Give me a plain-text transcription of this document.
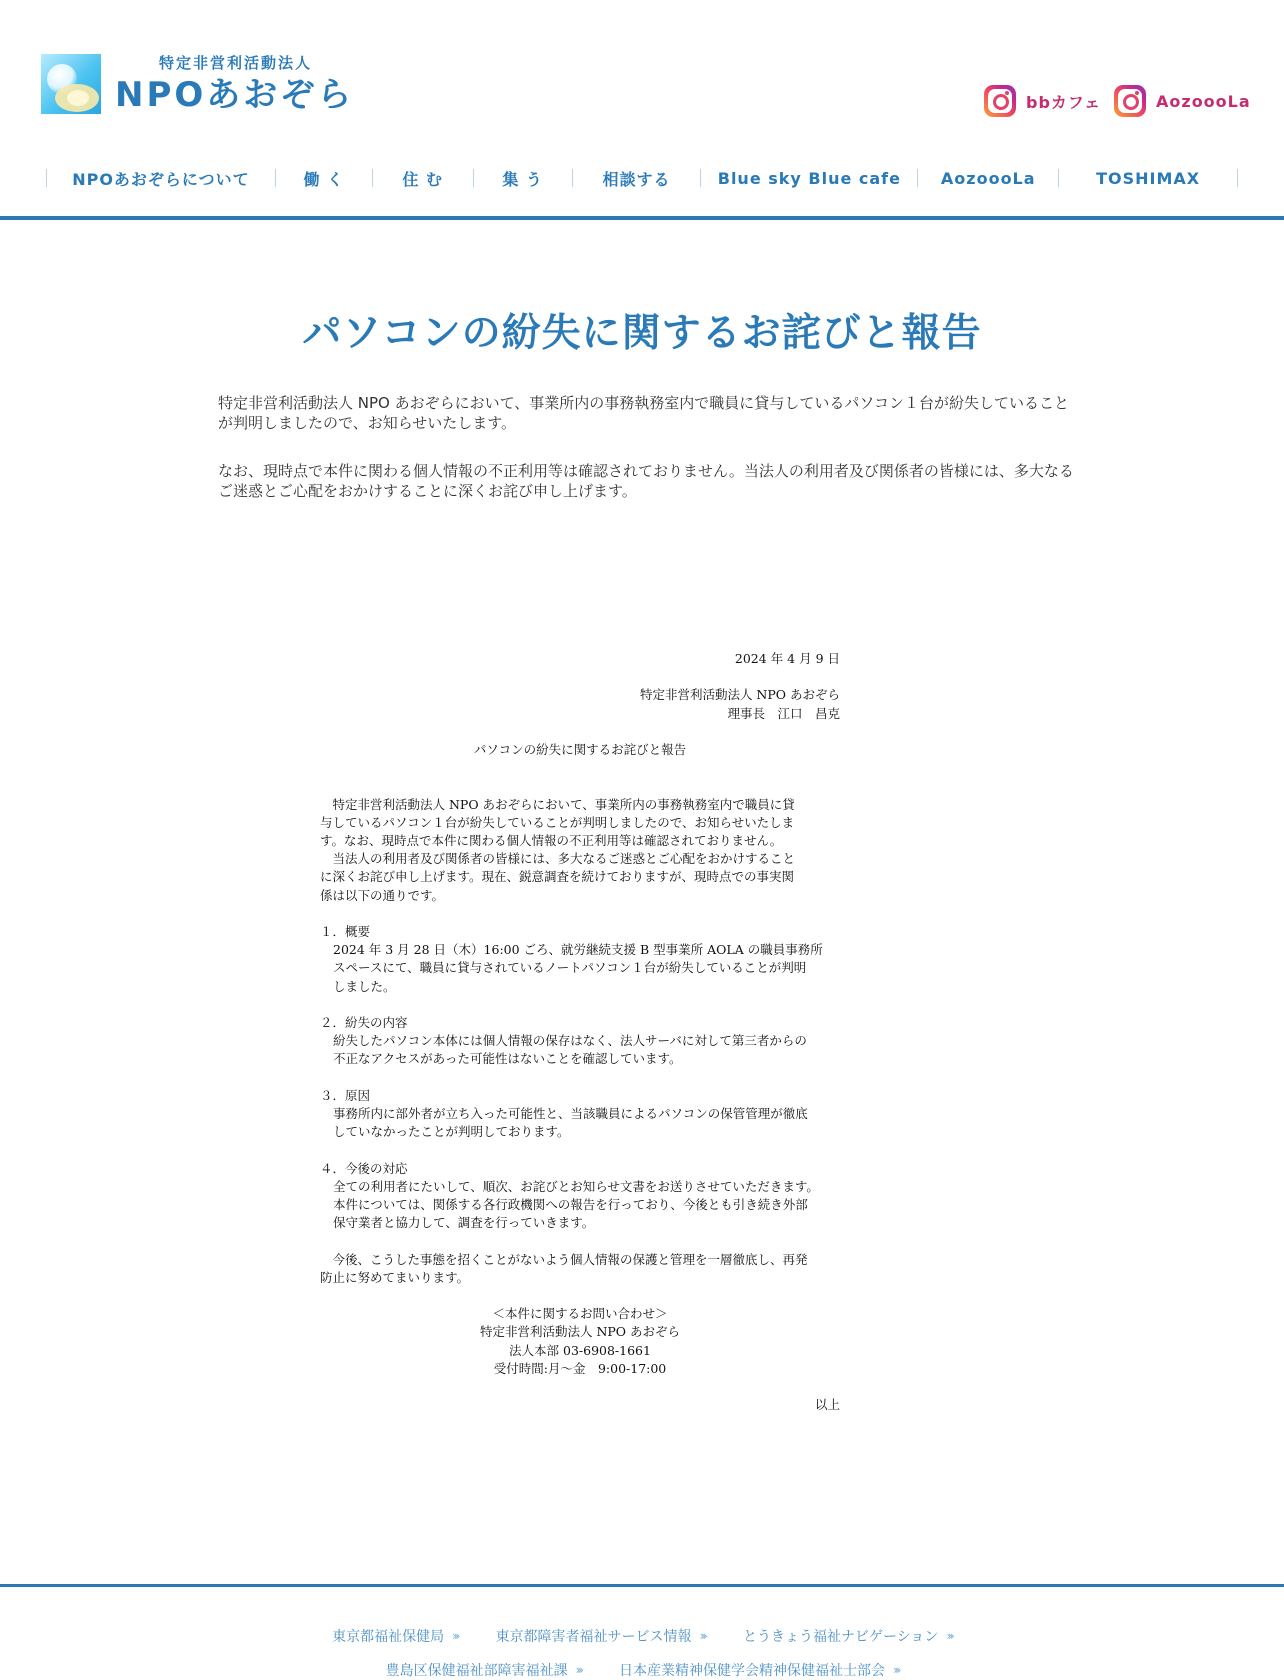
特定非営利活動法人
NPOあおぞら	bbカフェ	AozoooLa
NPOあおぞらについて	働 く	住 む	集 う	相談する	Blue sky Blue cafe	AozoooLa	TOSHIMAX
パソコンの紛失に関するお詫びと報告

特定非営利活動法人 NPO あおぞらにおいて、事業所内の事務執務室内で職員に貸与しているパソコン１台が紛失していることが判明しましたので、お知らせいたします。

なお、現時点で本件に関わる個人情報の不正利用等は確認されておりません。当法人の利用者及び関係者の皆様には、多大なるご迷惑とご心配をおかけすることに深くお詫び申し上げます。

2024 年 4 月 9 日
特定非営利活動法人 NPO あおぞら
理事長　江口　昌克
パソコンの紛失に関するお詫びと報告
　特定非営利活動法人 NPO あおぞらにおいて、事業所内の事務執務室内で職員に貸
与しているパソコン１台が紛失していることが判明しましたので、お知らせいたしま
す。なお、現時点で本件に関わる個人情報の不正利用等は確認されておりません。
　当法人の利用者及び関係者の皆様には、多大なるご迷惑とご心配をおかけすること
に深くお詫び申し上げます。現在、鋭意調査を続けておりますが、現時点での事実関
係は以下の通りです。
１．概要
2024 年 3 月 28 日（木）16:00 ごろ、就労継続支援 B 型事業所 AOLA の職員事務所
スペースにて、職員に貸与されているノートパソコン１台が紛失していることが判明
しました。
２．紛失の内容
紛失したパソコン本体には個人情報の保存はなく、法人サーバに対して第三者からの
不正なアクセスがあった可能性はないことを確認しています。
３．原因
事務所内に部外者が立ち入った可能性と、当該職員によるパソコンの保管管理が徹底
していなかったことが判明しております。
４．今後の対応
全ての利用者にたいして、順次、お詫びとお知らせ文書をお送りさせていただきます。
本件については、関係する各行政機関への報告を行っており、今後とも引き続き外部
保守業者と協力して、調査を行っていきます。
　今後、こうした事態を招くことがないよう個人情報の保護と管理を一層徹底し、再発
防止に努めてまいります。
＜本件に関するお問い合わせ＞
特定非営利活動法人 NPO あおぞら
法人本部 03-6908-1661
受付時間:月～金　9:00‐17:00
以上
東京都福祉保健局 ›››	東京都障害者福祉サービス情報 ›››	とうきょう福祉ナビゲーション ›››
豊島区保健福祉部障害福祉課 ›››	日本産業精神保健学会精神保健福祉士部会 ›››
